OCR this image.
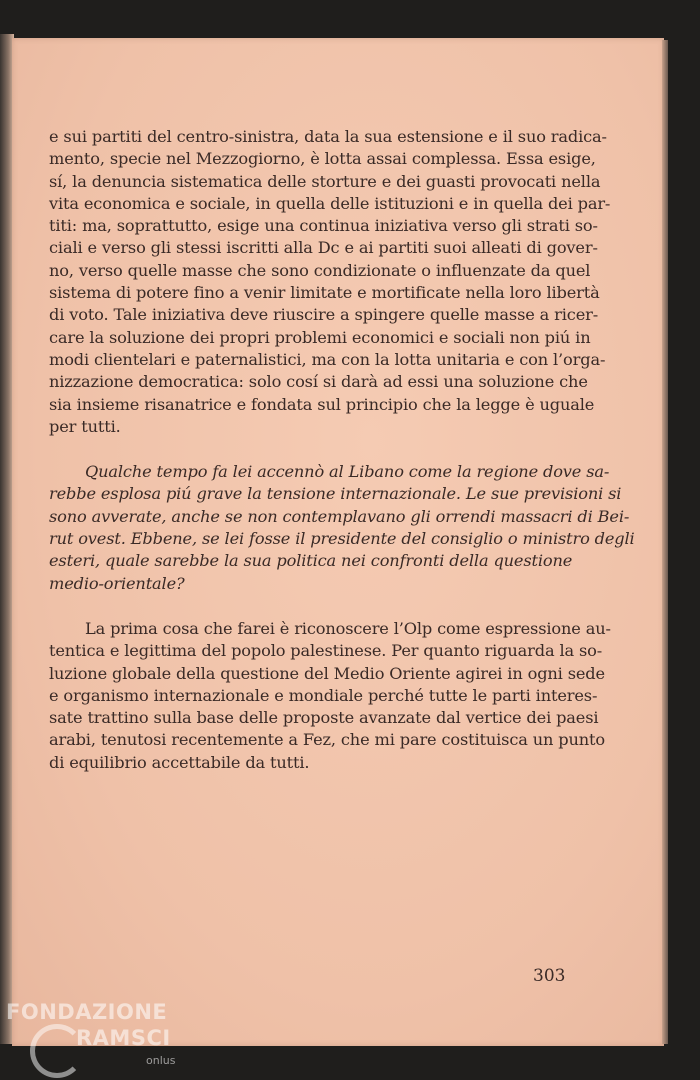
e sui partiti del centro-sinistra, data la sua estensione e il suo radica-
mento, specie nel Mezzogiorno, è lotta assai complessa. Essa esige,
sí, la denuncia sistematica delle storture e dei guasti provocati nella
vita economica e sociale, in quella delle istituzioni e in quella dei par-
titi: ma, soprattutto, esige una continua iniziativa verso gli strati so-
ciali e verso gli stessi iscritti alla Dc e ai partiti suoi alleati di gover-
no, verso quelle masse che sono condizionate o influenzate da quel
sistema di potere fino a venir limitate e mortificate nella loro libertà
di voto. Tale iniziativa deve riuscire a spingere quelle masse a ricer-
care la soluzione dei propri problemi economici e sociali non piú in
modi clientelari e paternalistici, ma con la lotta unitaria e con l’orga-
nizzazione democratica: solo cosí si darà ad essi una soluzione che
sia insieme risanatrice e fondata sul principio che la legge è uguale
per tutti.
Qualche tempo fa lei accennò al Libano come la regione dove sa-
rebbe esplosa piú grave la tensione internazionale. Le sue previsioni si
sono avverate, anche se non contemplavano gli orrendi massacri di Bei-
rut ovest. Ebbene, se lei fosse il presidente del consiglio o ministro degli
esteri, quale sarebbe la sua politica nei confronti della questione
medio-orientale?
La prima cosa che farei è riconoscere l’Olp come espressione au-
tentica e legittima del popolo palestinese. Per quanto riguarda la so-
luzione globale della questione del Medio Oriente agirei in ogni sede
e organismo internazionale e mondiale perché tutte le parti interes-
sate trattino sulla base delle proposte avanzate dal vertice dei paesi
arabi, tenutosi recentemente a Fez, che mi pare costituisca un punto
di equilibrio accettabile da tutti.
303
FONDAZIONE
RAMSCI
onlus
